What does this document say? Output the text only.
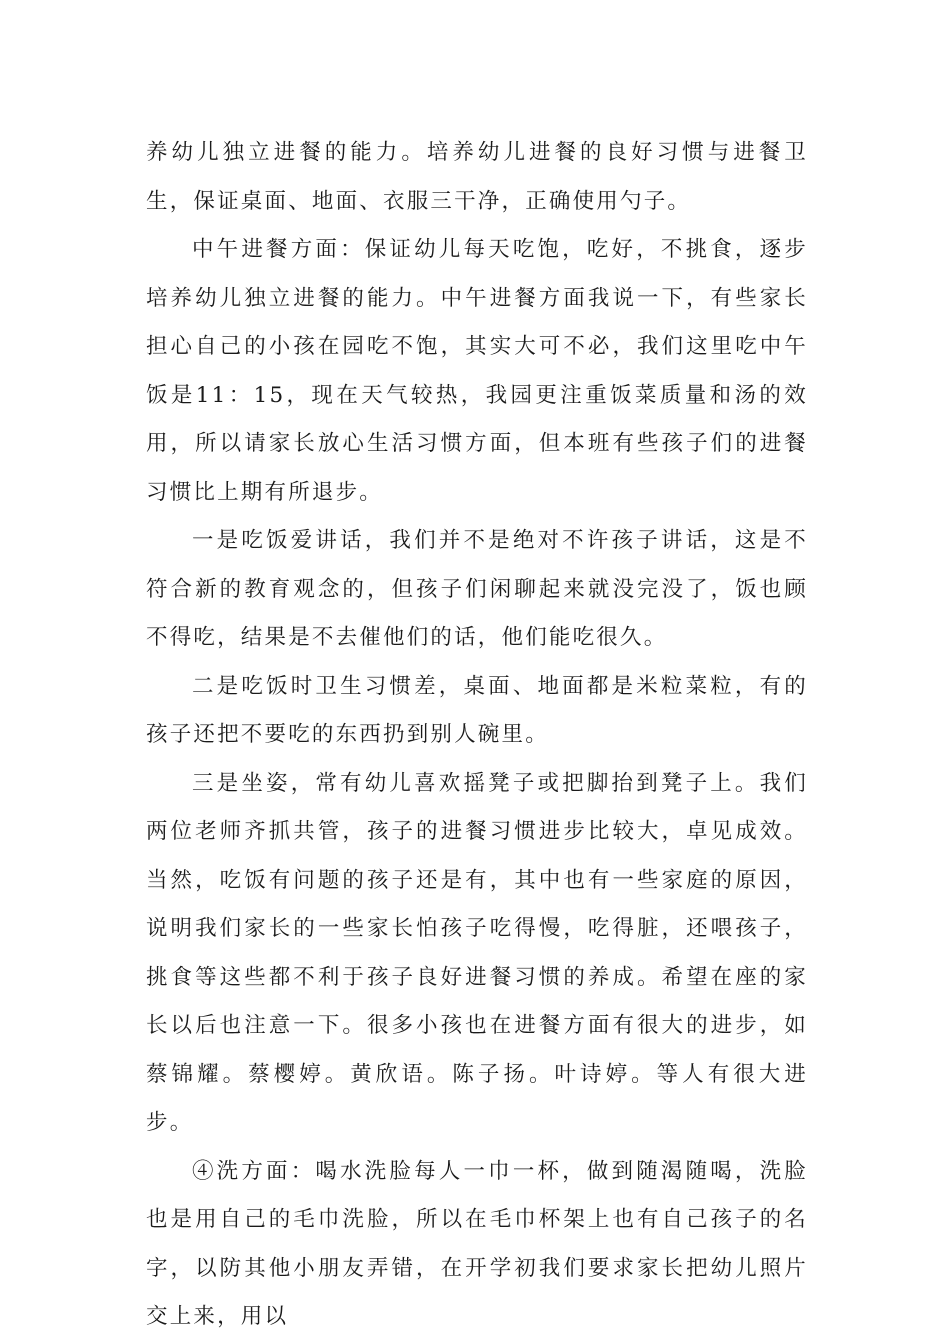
养幼儿独立进餐的能力。培养幼儿进餐的良好习惯与进餐卫生，保证桌面、地面、衣服三干净，正确使用勺子。

中午进餐方面：保证幼儿每天吃饱，吃好，不挑食，逐步培养幼儿独立进餐的能力。中午进餐方面我说一下，有些家长担心自己的小孩在园吃不饱，其实大可不必，我们这里吃中午饭是11：15，现在天气较热，我园更注重饭菜质量和汤的效用，所以请家长放心生活习惯方面，但本班有些孩子们的进餐习惯比上期有所退步。

一是吃饭爱讲话，我们并不是绝对不许孩子讲话，这是不符合新的教育观念的，但孩子们闲聊起来就没完没了，饭也顾不得吃，结果是不去催他们的话，他们能吃很久。

二是吃饭时卫生习惯差，桌面、地面都是米粒菜粒，有的孩子还把不要吃的东西扔到别人碗里。

三是坐姿，常有幼儿喜欢摇凳子或把脚抬到凳子上。我们两位老师齐抓共管，孩子的进餐习惯进步比较大，卓见成效。当然，吃饭有问题的孩子还是有，其中也有一些家庭的原因，说明我们家长的一些家长怕孩子吃得慢，吃得脏，还喂孩子，挑食等这些都不利于孩子良好进餐习惯的养成。希望在座的家长以后也注意一下。很多小孩也在进餐方面有很大的进步，如蔡锦耀。蔡樱婷。黄欣语。陈子扬。叶诗婷。等人有很大进步。

④洗方面：喝水洗脸每人一巾一杯，做到随渴随喝，洗脸也是用自己的毛巾洗脸，所以在毛巾杯架上也有自己孩子的名字，以防其他小朋友弄错，在开学初我们要求家长把幼儿照片交上来，用以
